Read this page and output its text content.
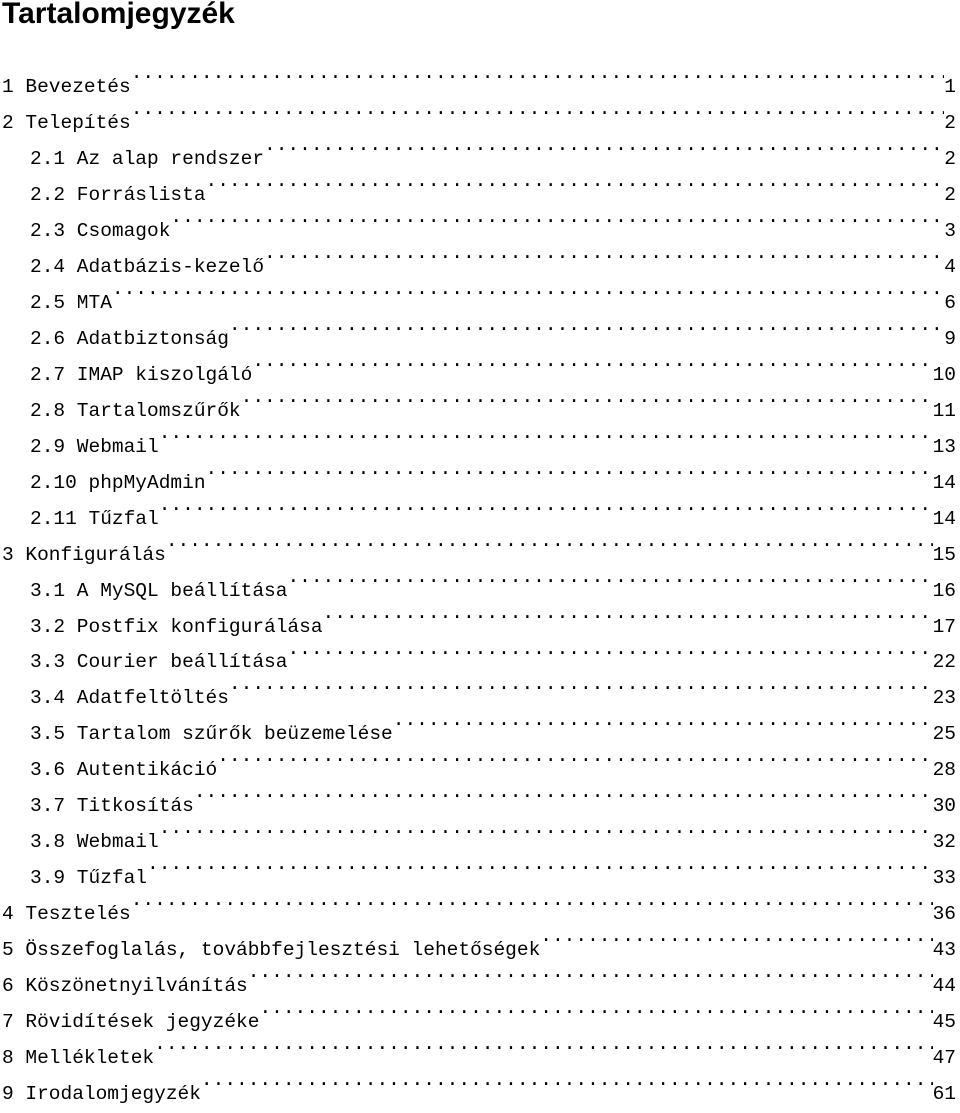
Tartalomjegyzék
1 Bevezetés .....	1
2 Telepítés .....	2
2.1 Az alap rendszer .....	2
2.2 Forráslista .....	2
2.3 Csomagok .....	3
2.4 Adatbázis-kezelő .....	4
2.5 MTA .....	6
2.6 Adatbiztonság .....	9
2.7 IMAP kiszolgáló .....	10
2.8 Tartalomszűrők .....	11
2.9 Webmail .....	13
2.10 phpMyAdmin .....	14
2.11 Tűzfal .....	14
3 Konfigurálás .....	15
3.1 A MySQL beállítása .....	16
3.2 Postfix konfigurálása .....	17
3.3 Courier beállítása .....	22
3.4 Adatfeltöltés .....	23
3.5 Tartalom szűrők beüzemelése .....	25
3.6 Autentikáció .....	28
3.7 Titkosítás .....	30
3.8 Webmail .....	32
3.9 Tűzfal .....	33
4 Tesztelés .....	36
5 Összefoglalás, továbbfejlesztési lehetőségek .....	43
6 Köszönetnyilvánítás .....	44
7 Rövidítések jegyzéke .....	45
8 Mellékletek .....	47
9 Irodalomjegyzék .....	61
